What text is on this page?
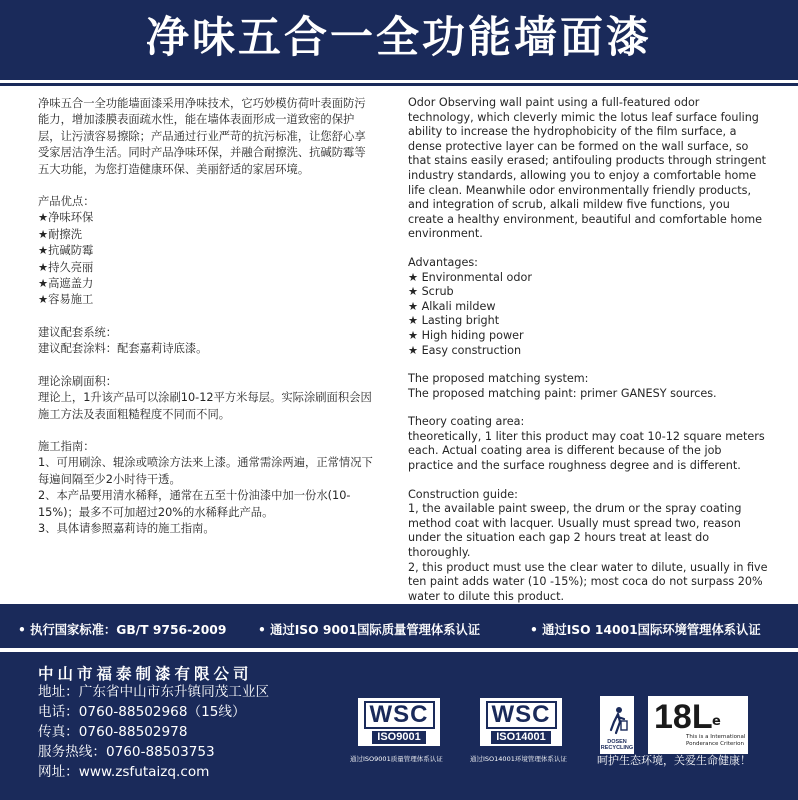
净味五合一全功能墙面漆

净味五合一全功能墙面漆采用净味技术，它巧妙模仿荷叶表面防污能力，增加漆膜表面疏水性，能在墙体表面形成一道致密的保护层，让污渍容易擦除；产品通过行业严苛的抗污标准，让您舒心享受家居洁净生活。同时产品净味环保，并融合耐擦洗、抗碱防霉等五大功能，为您打造健康环保、美丽舒适的家居环境。

产品优点：

★净味环保
★耐擦洗
★抗碱防霉
★持久亮丽
★高遮盖力
★容易施工

建议配套系统：

建议配套涂料：配套嘉莉诗底漆。

理论涂刷面积：

理论上，1升该产品可以涂刷10-12平方米每层。实际涂刷面积会因施工方法及表面粗糙程度不同而不同。

施工指南：

1、可用刷涂、辊涂或喷涂方法来上漆。通常需涂两遍，正常情况下每遍间隔至少2小时待干透。

2、本产品要用清水稀释，通常在五至十份油漆中加一份水(10-15%)；最多不可加超过20%的水稀释此产品。

3、具体请参照嘉莉诗的施工指南。

Odor Observing wall paint using a full-featured odor technology, which cleverly mimic the lotus leaf surface fouling ability to increase the hydrophobicity of the film surface, a dense protective layer can be formed on the wall surface, so that stains easily erased; antifouling products through stringent industry standards, allowing you to enjoy a comfortable home life clean. Meanwhile odor environmentally friendly products, and integration of scrub, alkali mildew five functions, you create a healthy environment, beautiful and comfortable home environment.

Advantages:

★ Environmental odor
★ Scrub
★ Alkali mildew
★ Lasting bright
★ High hiding power
★ Easy construction

The proposed matching system:

The proposed matching paint: primer GANESY sources.

Theory coating area:

theoretically, 1 liter this product may coat 10-12 square meters each. Actual coating area is different because of the job practice and the surface roughness degree and is different.

Construction guide:

1, the available paint sweep, the drum or the spray coating method coat with lacquer. Usually must spread two, reason under the situation each gap 2 hours treat at least do thoroughly.

2, this product must use the clear water to dilute, usually in five ten paint adds water (10 -15%); most coca do not surpass 20% water to dilute this product.

• 执行国家标准：GB/T 9756-2009	• 通过ISO 9001国际质量管理体系认证	• 通过ISO 14001国际环境管理体系认证
中山市福泰制漆有限公司
地址：广东省中山市东升镇同茂工业区
电话：0760-88502968（15线）
传真：0760-88502978
服务热线：0760-88503753
网址：www.zsfutaizq.com
WSC
ISO9001
通过ISO9001质量管理体系认证
WSC
ISO14001
通过ISO14001环境管理体系认证
DOSEN RECYCLING
18L e
This is a International Ponderance Criterion
呵护生态环境，关爱生命健康！
